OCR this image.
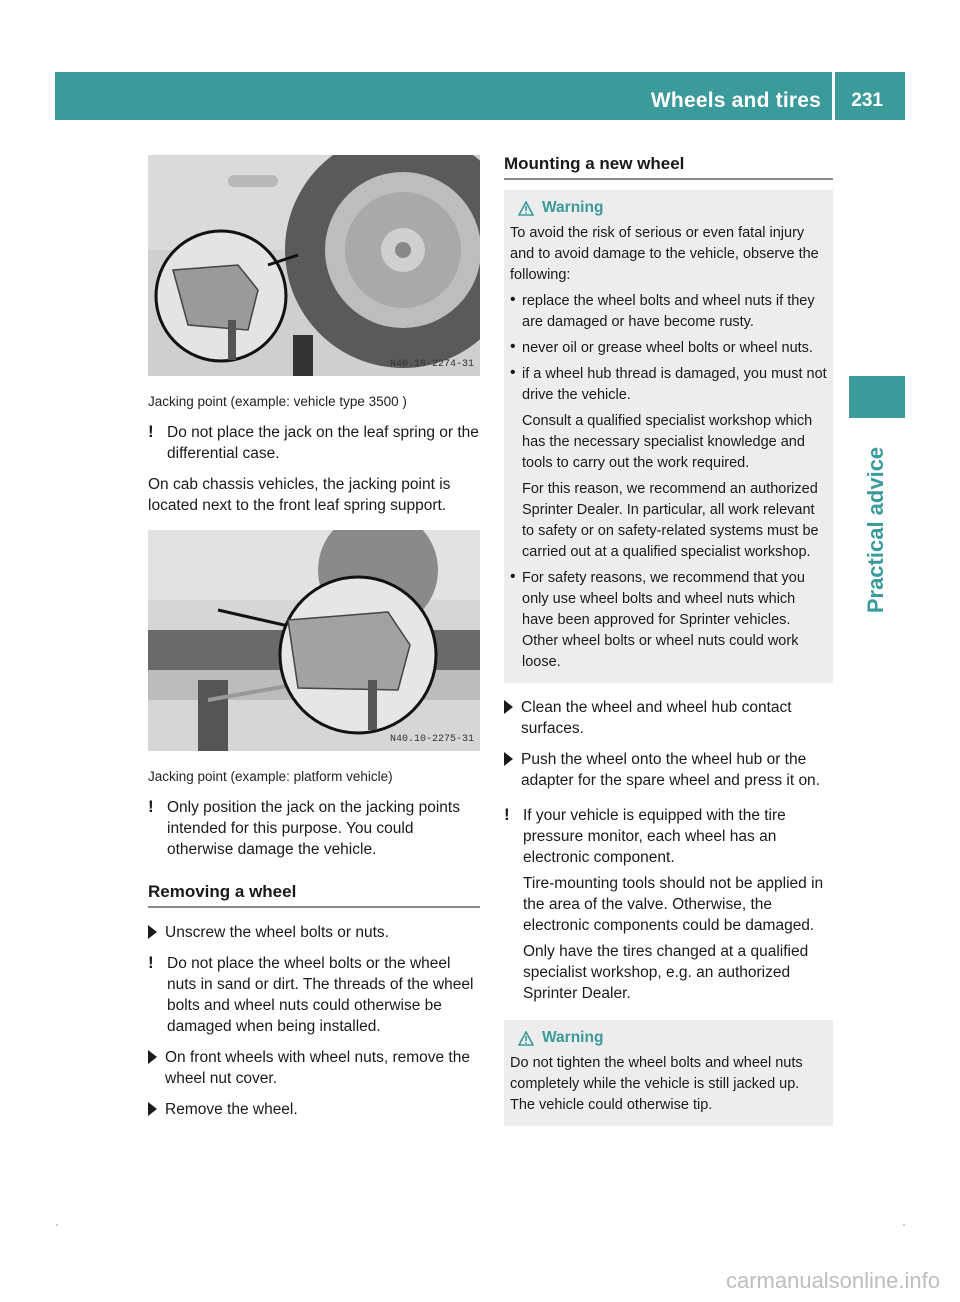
Wheels and tires 231
Practical advice
N40.10-2274-31

Jacking point (example: vehicle type 3500 )

! Do not place the jack on the leaf spring or the differential case.

On cab chassis vehicles, the jacking point is located next to the front leaf spring support.

N40.10-2275-31

Jacking point (example: platform vehicle)

! Only position the jack on the jacking points intended for this purpose. You could otherwise damage the vehicle.

Removing a wheel

Unscrew the wheel bolts or nuts.

! Do not place the wheel bolts or the wheel nuts in sand or dirt. The threads of the wheel bolts and wheel nuts could otherwise be damaged when being installed.

On front wheels with wheel nuts, remove the wheel nut cover.

Remove the wheel.

Mounting a new wheel
Warning

To avoid the risk of serious or even fatal injury and to avoid damage to the vehicle, observe the following:

• replace the wheel bolts and wheel nuts if they are damaged or have become rusty.

• never oil or grease wheel bolts or wheel nuts.

• if a wheel hub thread is damaged, you must not drive the vehicle.

Consult a qualified specialist workshop which has the necessary specialist knowledge and tools to carry out the work required.

For this reason, we recommend an authorized Sprinter Dealer. In particular, all work relevant to safety or on safety-related systems must be carried out at a qualified specialist workshop.

• For safety reasons, we recommend that you only use wheel bolts and wheel nuts which have been approved for Sprinter vehicles. Other wheel bolts or wheel nuts could work loose.

Clean the wheel and wheel hub contact surfaces.

Push the wheel onto the wheel hub or the adapter for the spare wheel and press it on.

! If your vehicle is equipped with the tire pressure monitor, each wheel has an electronic component.

Tire-mounting tools should not be applied in the area of the valve. Otherwise, the electronic components could be damaged.

Only have the tires changed at a qualified specialist workshop, e.g. an authorized Sprinter Dealer.

Warning

Do not tighten the wheel bolts and wheel nuts completely while the vehicle is still jacked up. The vehicle could otherwise tip.

carmanualsonline.info
